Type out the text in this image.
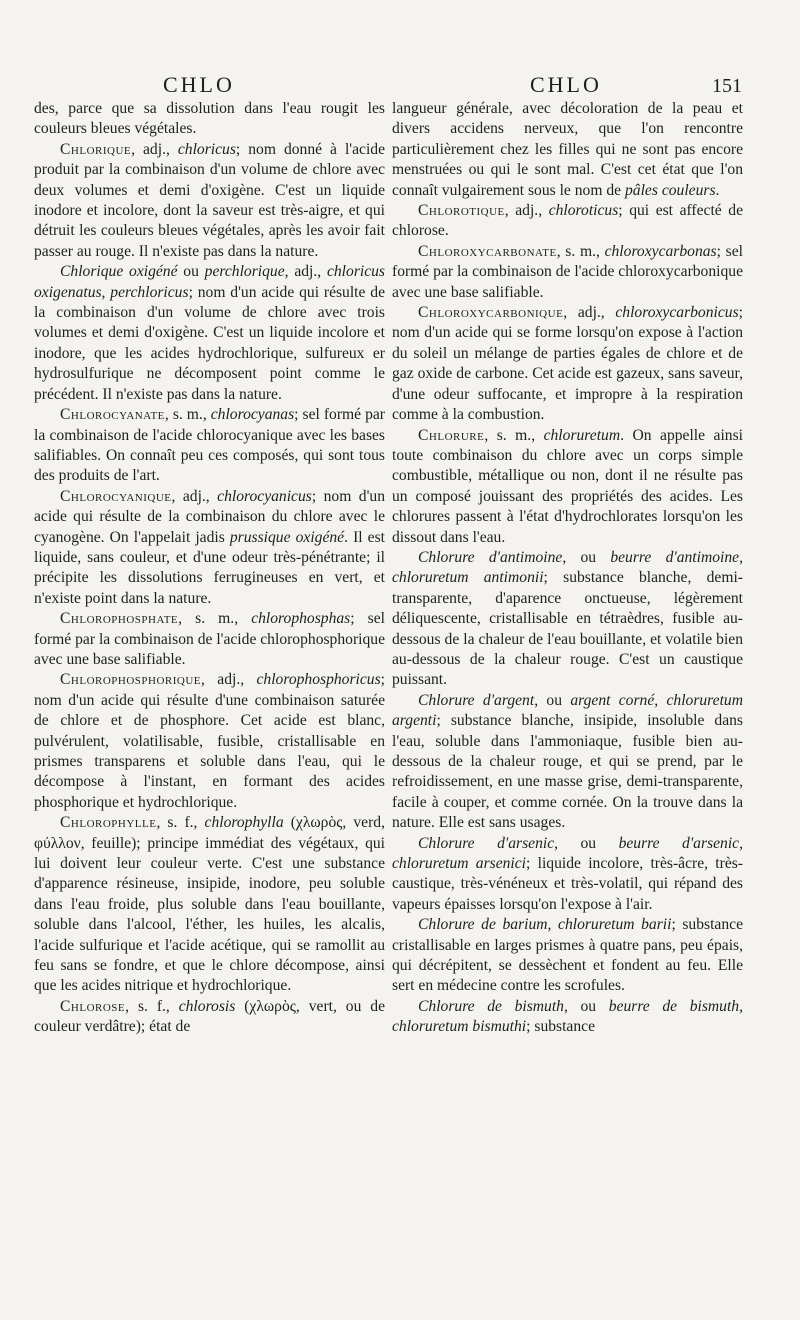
CHLO	CHLO	151

des, parce que sa dissolution dans l'eau rougit les couleurs bleues végétales.

Chlorique, adj., chloricus; nom donné à l'acide produit par la combinaison d'un volume de chlore avec deux volumes et demi d'oxigène. C'est un liquide inodore et incolore, dont la saveur est très-aigre, et qui détruit les couleurs bleues végétales, après les avoir fait passer au rouge. Il n'existe pas dans la nature.

Chlorique oxigéné ou perchlorique, adj., chloricus oxigenatus, perchloricus; nom d'un acide qui résulte de la combinaison d'un volume de chlore avec trois volumes et demi d'oxigène. C'est un liquide incolore et inodore, que les acides hydrochlorique, sulfureux er hydrosulfurique ne décomposent point comme le précédent. Il n'existe pas dans la nature.

Chlorocyanate, s. m., chlorocyanas; sel formé par la combinaison de l'acide chlorocyanique avec les bases salifiables. On connaît peu ces composés, qui sont tous des produits de l'art.

Chlorocyanique, adj., chlorocyanicus; nom d'un acide qui résulte de la combinaison du chlore avec le cyanogène. On l'appelait jadis prussique oxigéné. Il est liquide, sans couleur, et d'une odeur très-pénétrante; il précipite les dissolutions ferrugineuses en vert, et n'existe point dans la nature.

Chlorophosphate, s. m., chlorophosphas; sel formé par la combinaison de l'acide chlorophosphorique avec une base salifiable.

Chlorophosphorique, adj., chlorophosphoricus; nom d'un acide qui résulte d'une combinaison saturée de chlore et de phosphore. Cet acide est blanc, pulvérulent, volatilisable, fusible, cristallisable en prismes transparens et soluble dans l'eau, qui le décompose à l'instant, en formant des acides phosphorique et hydrochlorique.

Chlorophylle, s. f., chlorophylla (χλωρὸς, verd, φύλλον, feuille); principe immédiat des végétaux, qui lui doivent leur couleur verte. C'est une substance d'apparence résineuse, insipide, inodore, peu soluble dans l'eau froide, plus soluble dans l'eau bouillante, soluble dans l'alcool, l'éther, les huiles, les alcalis, l'acide sulfurique et l'acide acétique, qui se ramollit au feu sans se fondre, et que le chlore décompose, ainsi que les acides nitrique et hydrochlorique.

Chlorose, s. f., chlorosis (χλωρὸς, vert, ou de couleur verdâtre); état de

langueur générale, avec décoloration de la peau et divers accidens nerveux, que l'on rencontre particulièrement chez les filles qui ne sont pas encore menstruées ou qui le sont mal. C'est cet état que l'on connaît vulgairement sous le nom de pâles couleurs.

Chlorotique, adj., chloroticus; qui est affecté de chlorose.

Chloroxycarbonate, s. m., chloroxycarbonas; sel formé par la combinaison de l'acide chloroxycarbonique avec une base salifiable.

Chloroxycarbonique, adj., chloroxycarbonicus; nom d'un acide qui se forme lorsqu'on expose à l'action du soleil un mélange de parties égales de chlore et de gaz oxide de carbone. Cet acide est gazeux, sans saveur, d'une odeur suffocante, et impropre à la respiration comme à la combustion.

Chlorure, s. m., chloruretum. On appelle ainsi toute combinaison du chlore avec un corps simple combustible, métallique ou non, dont il ne résulte pas un composé jouissant des propriétés des acides. Les chlorures passent à l'état d'hydrochlorates lorsqu'on les dissout dans l'eau.

Chlorure d'antimoine, ou beurre d'antimoine, chloruretum antimonii; substance blanche, demi-transparente, d'aparence onctueuse, légèrement déliquescente, cristallisable en tétraèdres, fusible au-dessous de la chaleur de l'eau bouillante, et volatile bien au-dessous de la chaleur rouge. C'est un caustique puissant.

Chlorure d'argent, ou argent corné, chloruretum argenti; substance blanche, insipide, insoluble dans l'eau, soluble dans l'ammoniaque, fusible bien au-dessous de la chaleur rouge, et qui se prend, par le refroidissement, en une masse grise, demi-transparente, facile à couper, et comme cornée. On la trouve dans la nature. Elle est sans usages.

Chlorure d'arsenic, ou beurre d'arsenic, chloruretum arsenici; liquide incolore, très-âcre, très-caustique, très-vénéneux et très-volatil, qui répand des vapeurs épaisses lorsqu'on l'expose à l'air.

Chlorure de barium, chloruretum barii; substance cristallisable en larges prismes à quatre pans, peu épais, qui décrépitent, se dessèchent et fondent au feu. Elle sert en médecine contre les scrofules.

Chlorure de bismuth, ou beurre de bismuth, chloruretum bismuthi; substance
